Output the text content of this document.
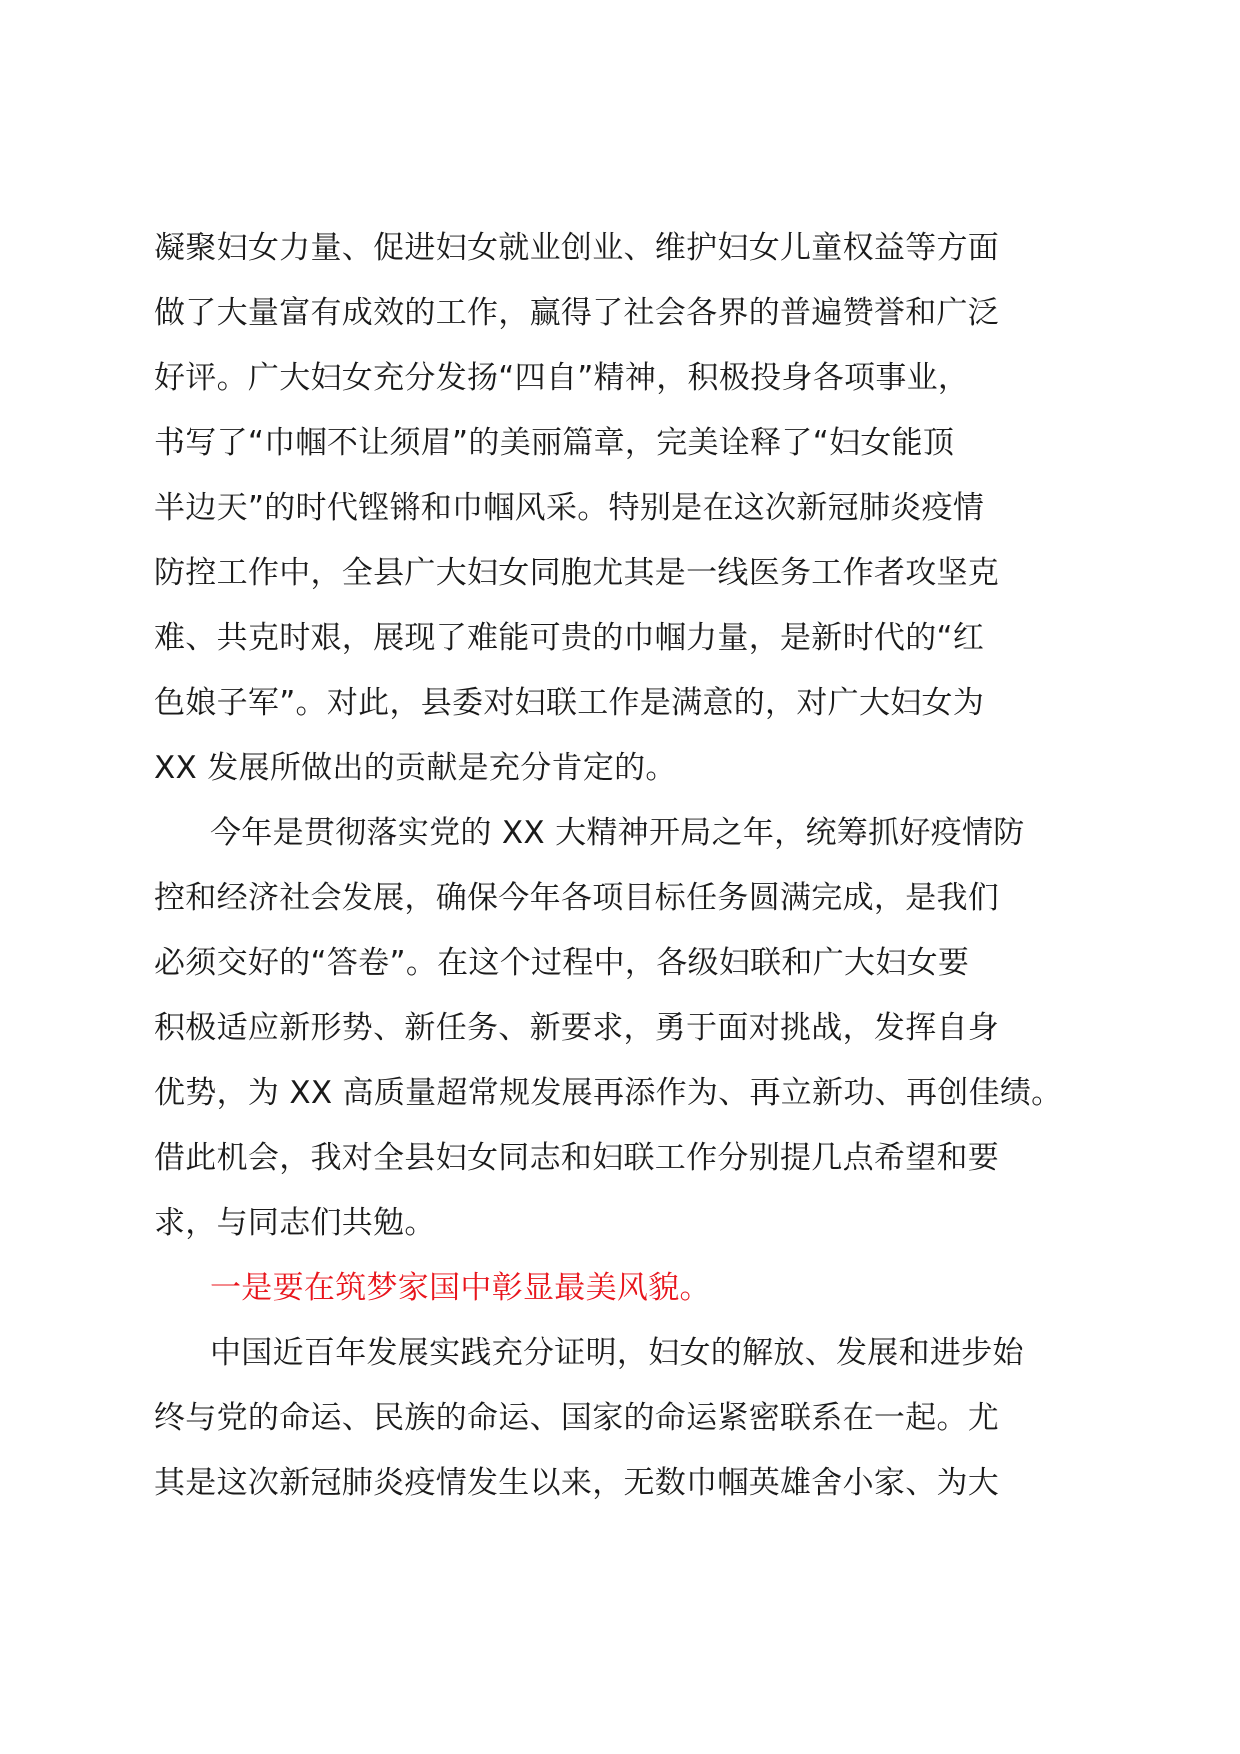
凝聚妇女力量、促进妇女就业创业、维护妇女儿童权益等方面
做了大量富有成效的工作，赢得了社会各界的普遍赞誉和广泛
好评。广大妇女充分发扬“四自”精神，积极投身各项事业，
书写了“巾帼不让须眉”的美丽篇章，完美诠释了“妇女能顶
半边天”的时代铿锵和巾帼风采。特别是在这次新冠肺炎疫情
防控工作中，全县广大妇女同胞尤其是一线医务工作者攻坚克
难、共克时艰，展现了难能可贵的巾帼力量，是新时代的“红
色娘子军”。对此，县委对妇联工作是满意的，对广大妇女为
XX 发展所做出的贡献是充分肯定的。
今年是贯彻落实党的 XX 大精神开局之年，统筹抓好疫情防
控和经济社会发展，确保今年各项目标任务圆满完成，是我们
必须交好的“答卷”。在这个过程中，各级妇联和广大妇女要
积极适应新形势、新任务、新要求，勇于面对挑战，发挥自身
优势，为 XX 高质量超常规发展再添作为、再立新功、再创佳绩。
借此机会，我对全县妇女同志和妇联工作分别提几点希望和要
求，与同志们共勉。
一是要在筑梦家国中彰显最美风貌。
中国近百年发展实践充分证明，妇女的解放、发展和进步始
终与党的命运、民族的命运、国家的命运紧密联系在一起。尤
其是这次新冠肺炎疫情发生以来，无数巾帼英雄舍小家、为大
